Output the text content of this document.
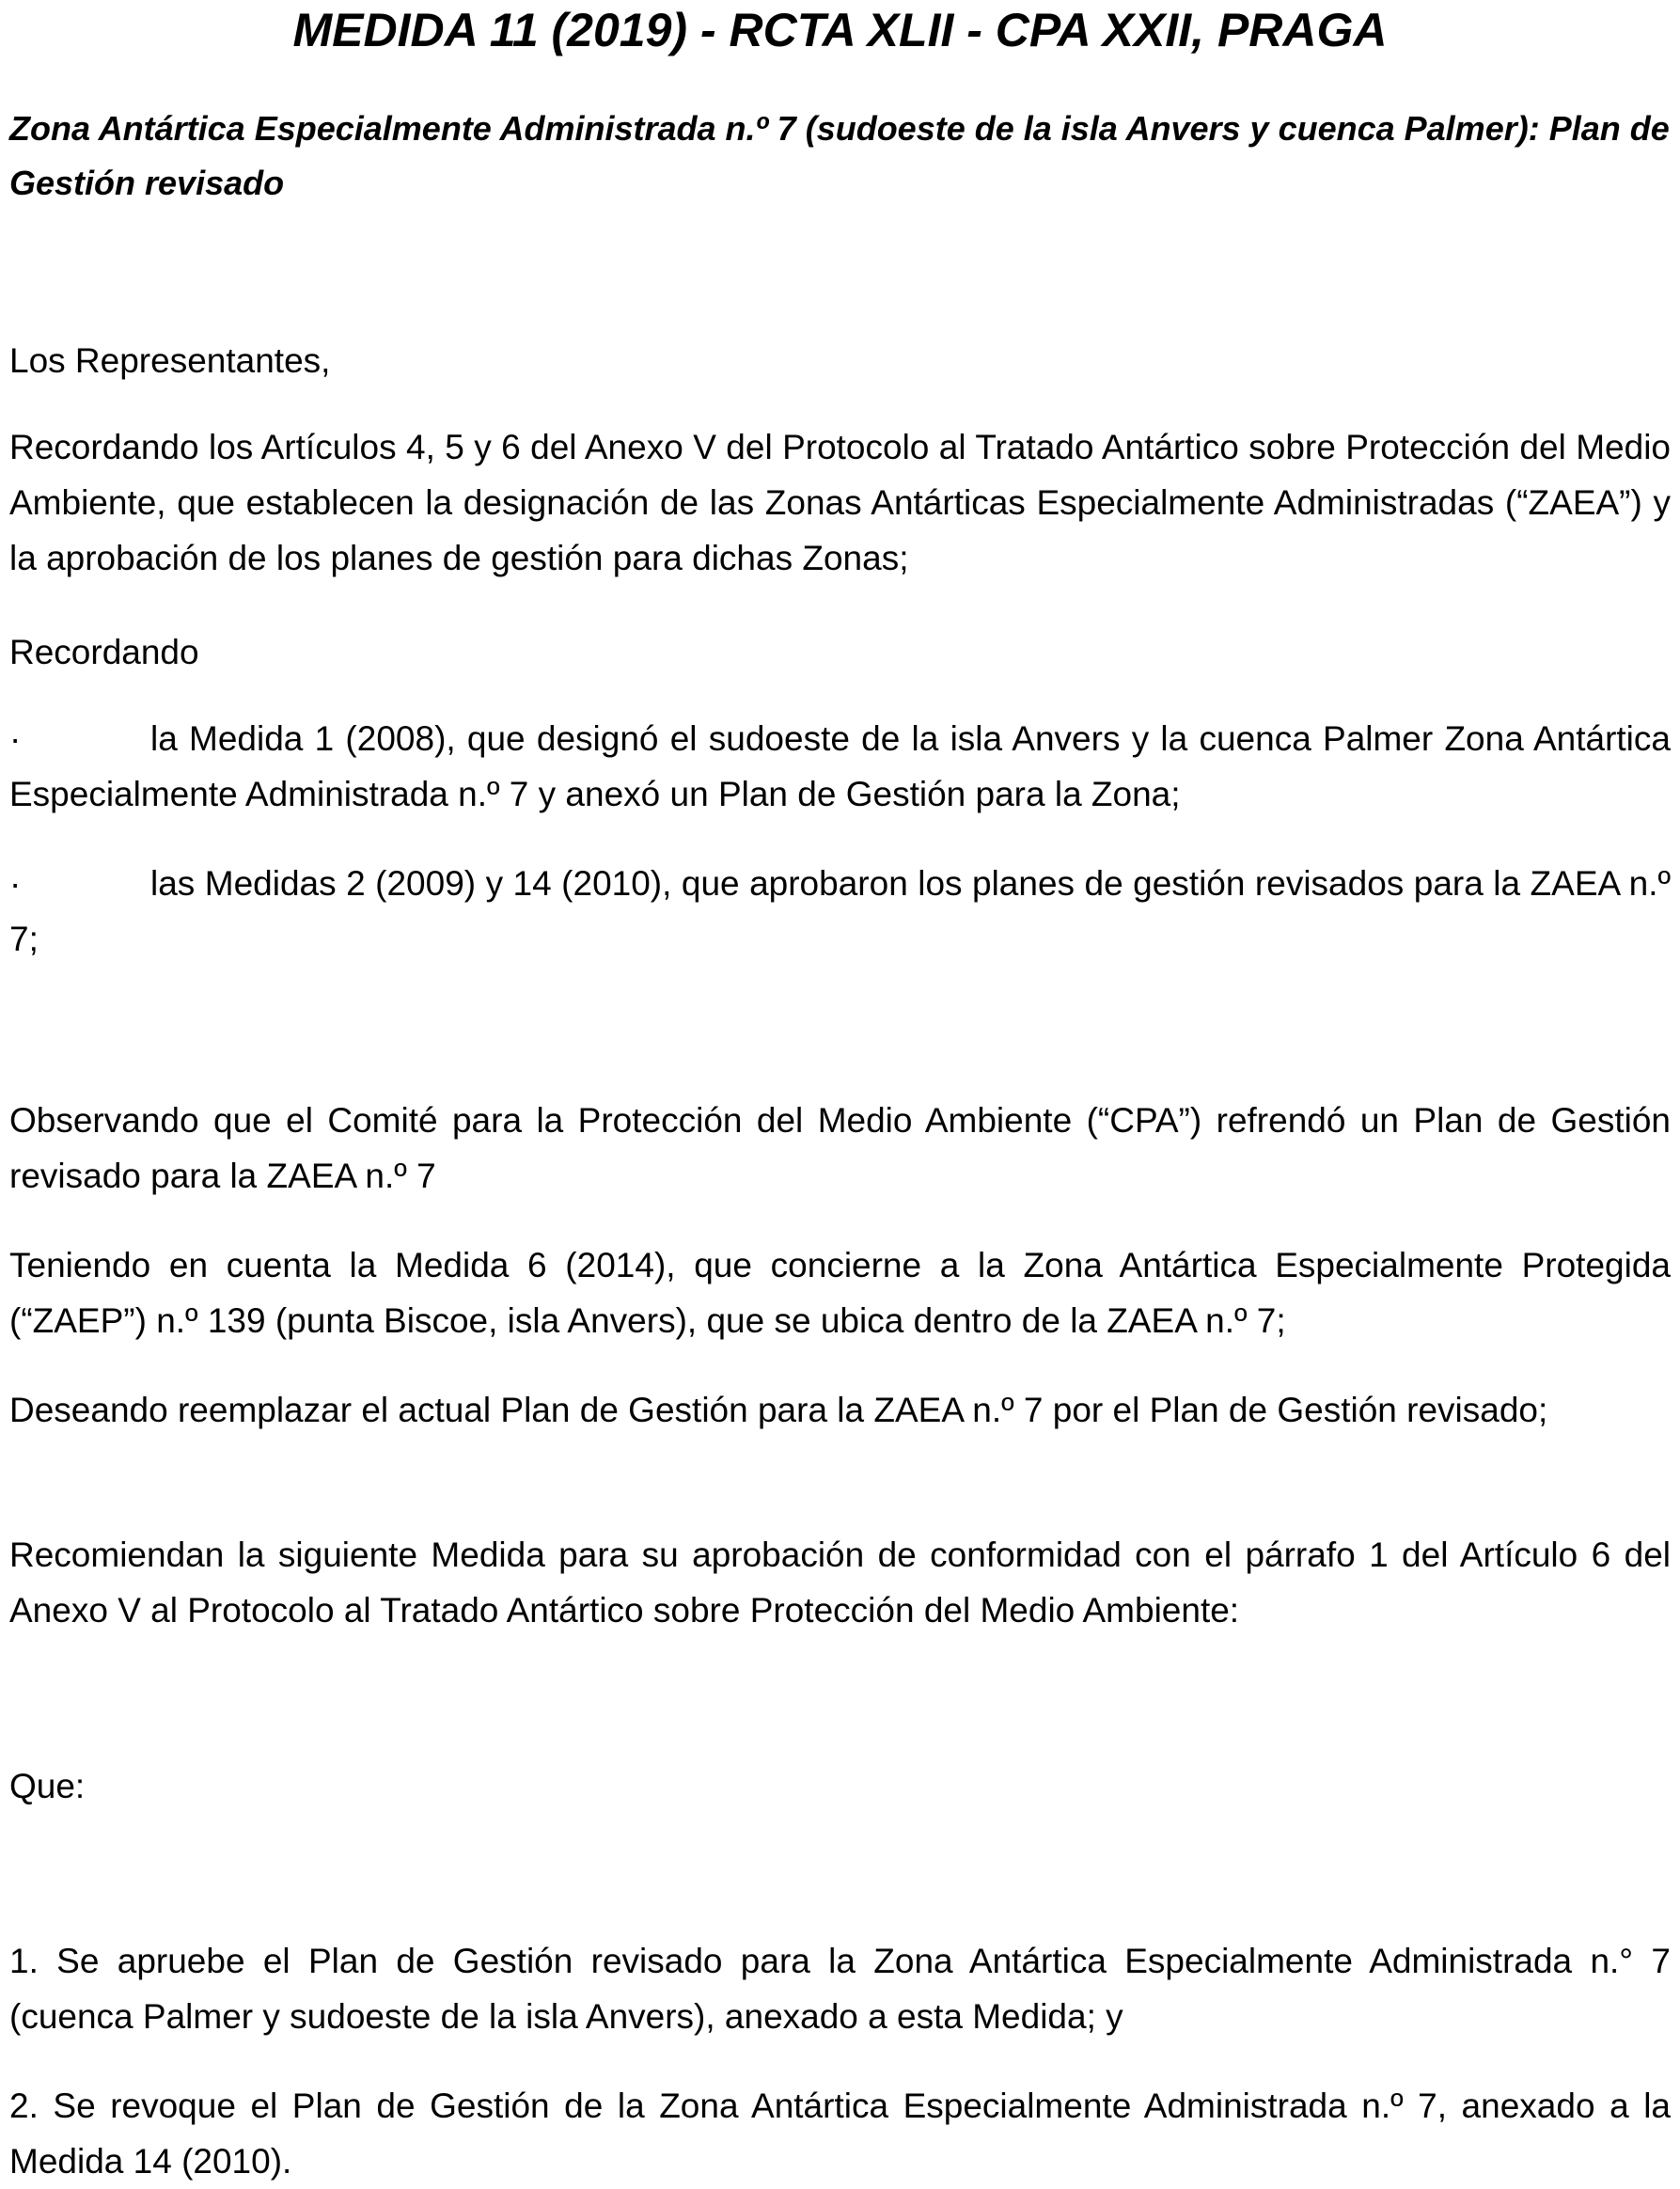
MEDIDA 11 (2019) - RCTA XLII - CPA XXII, PRAGA
Zona Antártica Especialmente Administrada n.º 7 (sudoeste de la isla Anvers y cuenca Palmer): Plan de Gestión revisado
Los Representantes,
Recordando los Artículos 4, 5 y 6 del Anexo V del Protocolo al Tratado Antártico sobre Protección del Medio Ambiente, que establecen la designación de las Zonas Antárticas Especialmente Administradas (“ZAEA”) y la aprobación de los planes de gestión para dichas Zonas;
Recordando
·	la Medida 1 (2008), que designó el sudoeste de la isla Anvers y la cuenca Palmer Zona Antártica Especialmente Administrada n.º 7 y anexó un Plan de Gestión para la Zona;
·	las Medidas 2 (2009) y 14 (2010), que aprobaron los planes de gestión revisados para la ZAEA n.º 7;
Observando que el Comité para la Protección del Medio Ambiente (“CPA”) refrendó un Plan de Gestión revisado para la ZAEA n.º 7
Teniendo en cuenta la Medida 6 (2014), que concierne a la Zona Antártica Especialmente Protegida (“ZAEP”) n.º 139 (punta Biscoe, isla Anvers), que se ubica dentro de la ZAEA n.º 7;
Deseando reemplazar el actual Plan de Gestión para la ZAEA n.º 7 por el Plan de Gestión revisado;
Recomiendan la siguiente Medida para su aprobación de conformidad con el párrafo 1 del Artículo 6 del Anexo V al Protocolo al Tratado Antártico sobre Protección del Medio Ambiente:
Que:
1. Se apruebe el Plan de Gestión revisado para la Zona Antártica Especialmente Administrada n.° 7 (cuenca Palmer y sudoeste de la isla Anvers), anexado a esta Medida; y
2. Se revoque el Plan de Gestión de la Zona Antártica Especialmente Administrada n.º 7, anexado a la Medida 14 (2010).
